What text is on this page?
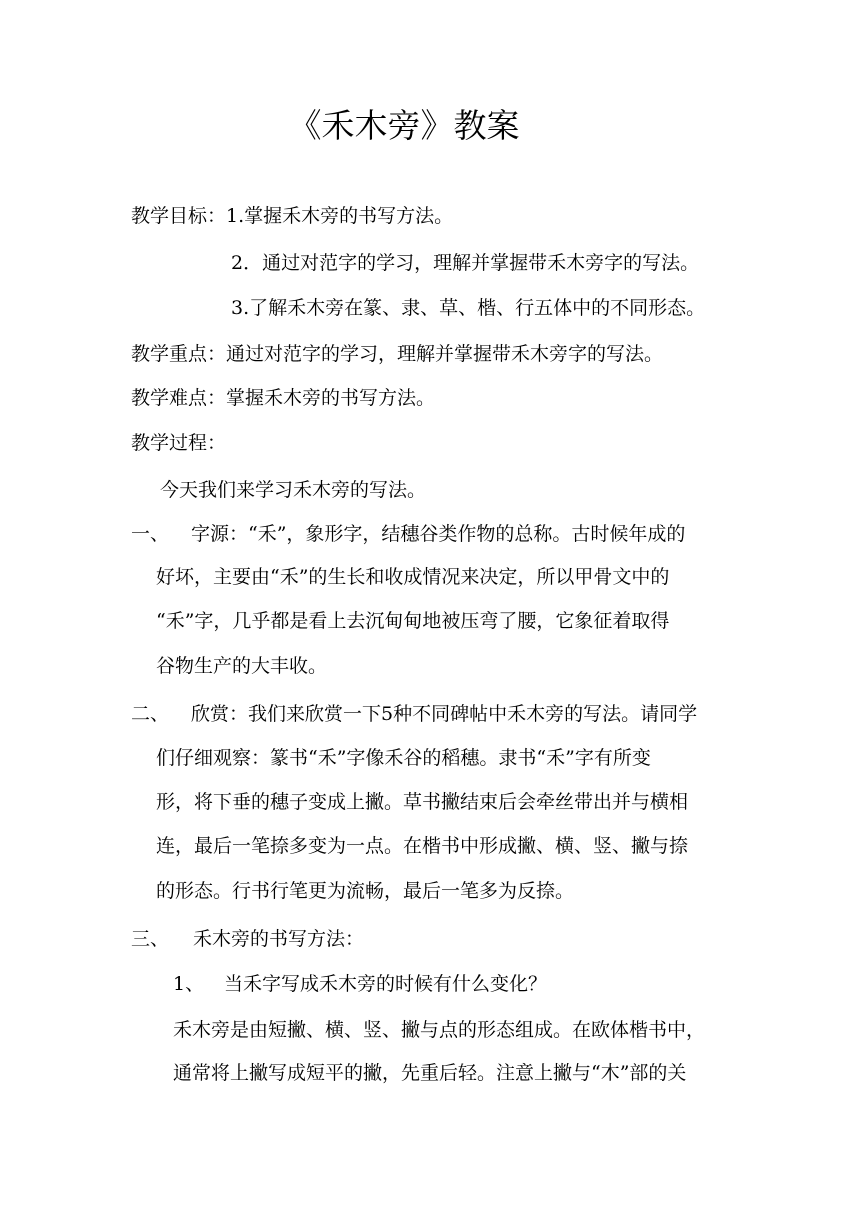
《禾木旁》教案
教学目标：1.掌握禾木旁的书写方法。
2．通过对范字的学习，理解并掌握带禾木旁字的写法。
3.了解禾木旁在篆、隶、草、楷、行五体中的不同形态。
教学重点：通过对范字的学习，理解并掌握带禾木旁字的写法。
教学难点：掌握禾木旁的书写方法。
教学过程：
今天我们来学习禾木旁的写法。
一、 字源：“禾”，象形字，结穗谷类作物的总称。古时候年成的
好坏，主要由“禾”的生长和收成情况来决定，所以甲骨文中的
“禾”字，几乎都是看上去沉甸甸地被压弯了腰，它象征着取得
谷物生产的大丰收。
二、 欣赏：我们来欣赏一下5种不同碑帖中禾木旁的写法。请同学
们仔细观察：篆书“禾”字像禾谷的稻穗。隶书“禾”字有所变
形，将下垂的穗子变成上撇。草书撇结束后会牵丝带出并与横相
连，最后一笔捺多变为一点。在楷书中形成撇、横、竖、撇与捺
的形态。行书行笔更为流畅，最后一笔多为反捺。
三、 禾木旁的书写方法：
1、 当禾字写成禾木旁的时候有什么变化？
禾木旁是由短撇、横、竖、撇与点的形态组成。在欧体楷书中，
通常将上撇写成短平的撇，先重后轻。注意上撇与“木”部的关
